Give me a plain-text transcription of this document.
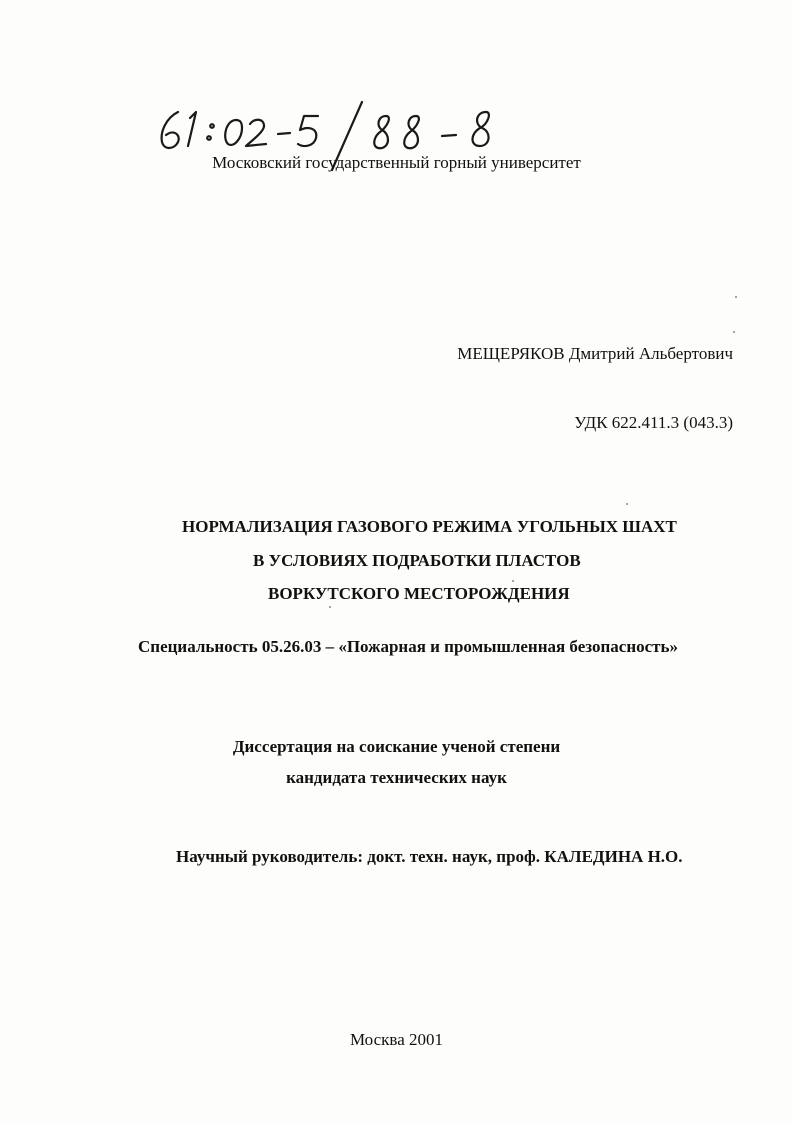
Московский государственный горный университет
МЕЩЕРЯКОВ Дмитрий Альбертович
УДК 622.411.3 (043.3)
НОРМАЛИЗАЦИЯ ГАЗОВОГО РЕЖИМА УГОЛЬНЫХ ШАХТ
В УСЛОВИЯХ ПОДРАБОТКИ ПЛАСТОВ
ВОРКУТСКОГО МЕСТОРОЖДЕНИЯ
Специальность 05.26.03 – «Пожарная и промышленная безопасность»
Диссертация на соискание ученой степени
кандидата технических наук
Научный руководитель: докт. техн. наук, проф. КАЛЕДИНА Н.О.
Москва 2001
